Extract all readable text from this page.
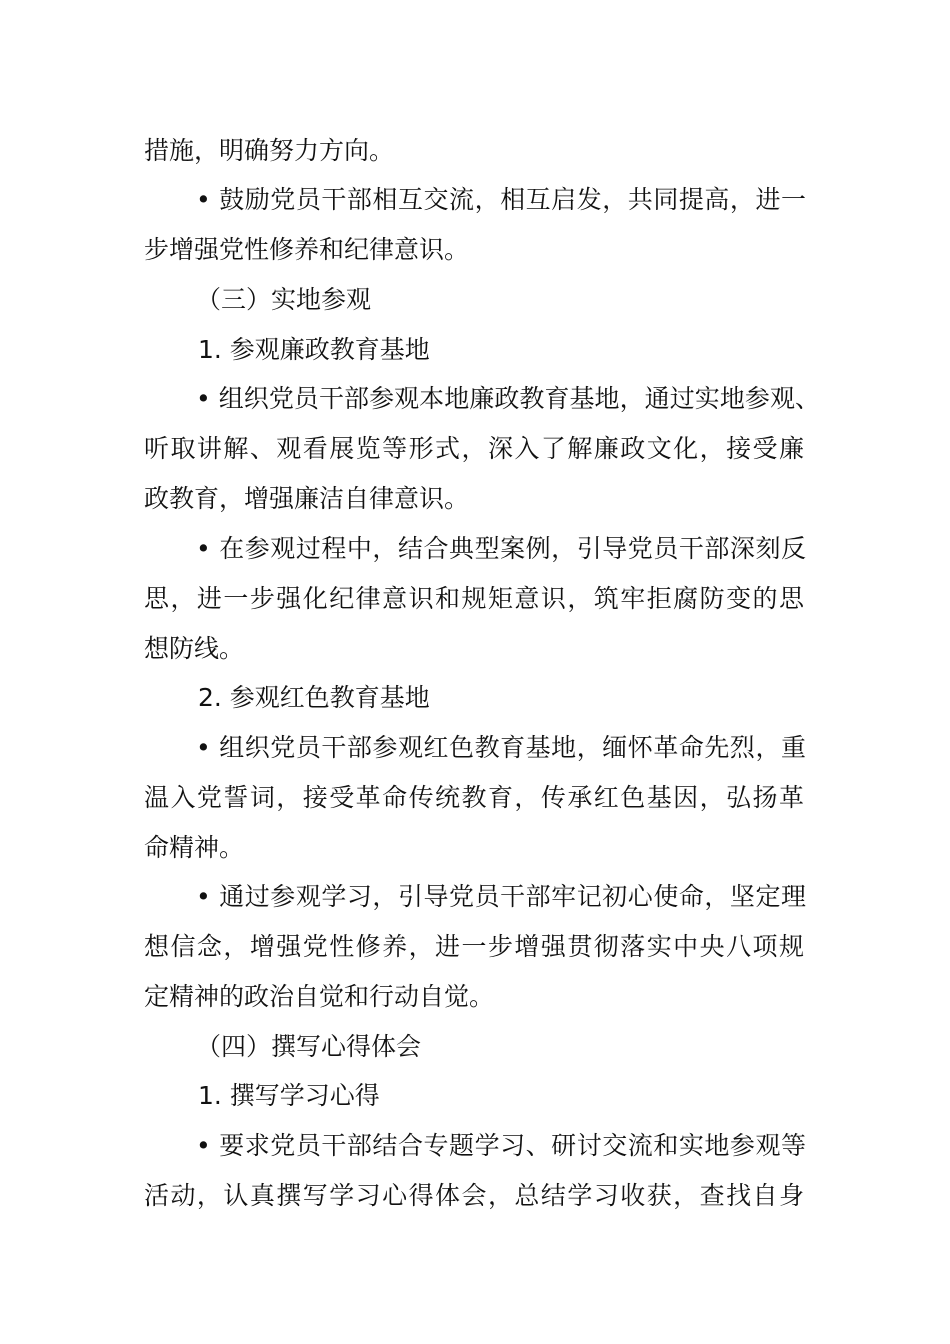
措施，明确努力方向。
• 鼓励党员干部相互交流，相互启发，共同提高，进一
步增强党性修养和纪律意识。
（三）实地参观
1. 参观廉政教育基地
• 组织党员干部参观本地廉政教育基地，通过实地参观、
听取讲解、观看展览等形式，深入了解廉政文化，接受廉
政教育，增强廉洁自律意识。
• 在参观过程中，结合典型案例，引导党员干部深刻反
思，进一步强化纪律意识和规矩意识，筑牢拒腐防变的思
想防线。
2. 参观红色教育基地
• 组织党员干部参观红色教育基地，缅怀革命先烈，重
温入党誓词，接受革命传统教育，传承红色基因，弘扬革
命精神。
• 通过参观学习，引导党员干部牢记初心使命，坚定理
想信念，增强党性修养，进一步增强贯彻落实中央八项规
定精神的政治自觉和行动自觉。
（四）撰写心得体会
1. 撰写学习心得
• 要求党员干部结合专题学习、研讨交流和实地参观等
活动，认真撰写学习心得体会，总结学习收获，查找自身
